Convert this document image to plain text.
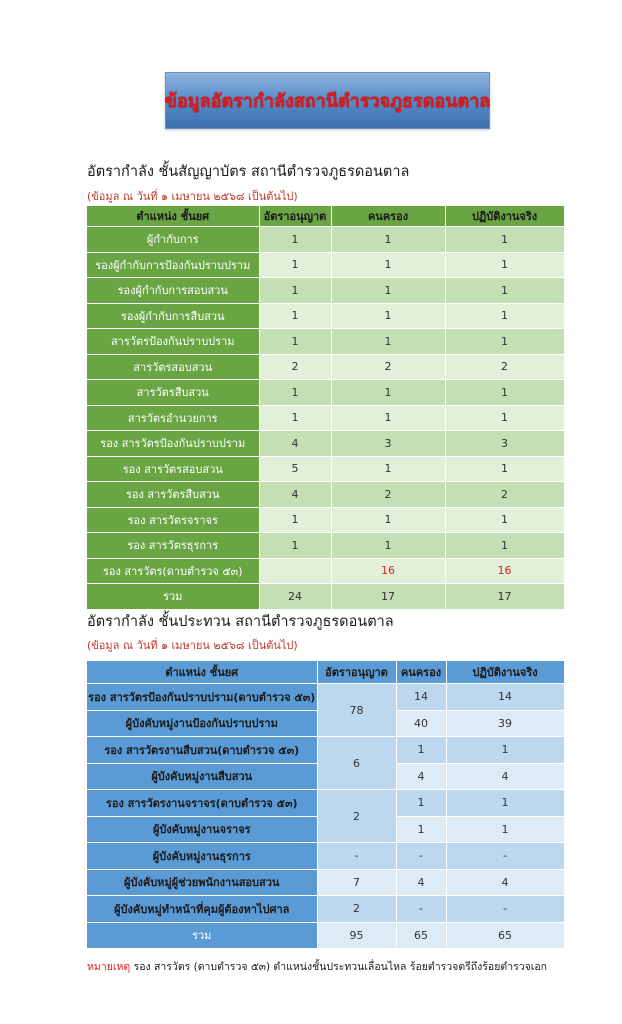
ข้อมูลอัตรากำลังสถานีตำรวจภูธรดอนตาล
อัตรากำลัง ชั้นสัญญาบัตร สถานีตำรวจภูธรดอนตาล
(ข้อมูล ณ วันที่ ๑ เมษายน ๒๕๖๘ เป็นต้นไป)
ตำแหน่ง ชั้นยศ	อัตราอนุญาต	คนครอง	ปฏิบัติงานจริง
ผู้กำกับการ	1	1	1
รองผู้กำกับการป้องกันปราบปราม	1	1	1
รองผู้กำกับการสอบสวน	1	1	1
รองผู้กำกับการสืบสวน	1	1	1
สารวัตรป้องกันปราบปราม	1	1	1
สารวัตรสอบสวน	2	2	2
สารวัตรสืบสวน	1	1	1
สารวัตรอำนวยการ	1	1	1
รอง สารวัตรป้องกันปราบปราม	4	3	3
รอง สารวัตรสอบสวน	5	1	1
รอง สารวัตรสืบสวน	4	2	2
รอง สารวัตรจราจร	1	1	1
รอง สารวัตรธุรการ	1	1	1
รอง สารวัตร(ดาบตำรวจ ๕๓)		16	16
รวม	24	17	17
อัตรากำลัง ชั้นประทวน สถานีตำรวจภูธรดอนตาล
(ข้อมูล ณ วันที่ ๑ เมษายน ๒๕๖๘ เป็นต้นไป)
ตำแหน่ง ชั้นยศ	อัตราอนุญาต	คนครอง	ปฏิบัติงานจริง
รอง สารวัตรป้องกันปราบปราม(ดาบตำรวจ ๕๓)	78	14	14
ผู้บังคับหมู่งานป้องกันปราบปราม		40	39
รอง สารวัตรงานสืบสวน(ดาบตำรวจ ๕๓)	6	1	1
ผู้บังคับหมู่งานสืบสวน		4	4
รอง สารวัตรงานจราจร(ดาบตำรวจ ๕๓)	2	1	1
ผู้บังคับหมู่งานจราจร		1	1
ผู้บังคับหมู่งานธุรการ	-	-	-
ผู้บังคับหมู่ผู้ช่วยพนักงานสอบสวน	7	4	4
ผู้บังคับหมู่ทำหน้าที่คุมผู้ต้องหาไปศาล	2	-	-
รวม	95	65	65
หมายเหตุ รอง สารวัตร (ดาบตำรวจ ๕๓) ตำแหน่งชั้นประทวนเลื่อนไหล ร้อยตำรวจตรีถึงร้อยตำรวจเอก
